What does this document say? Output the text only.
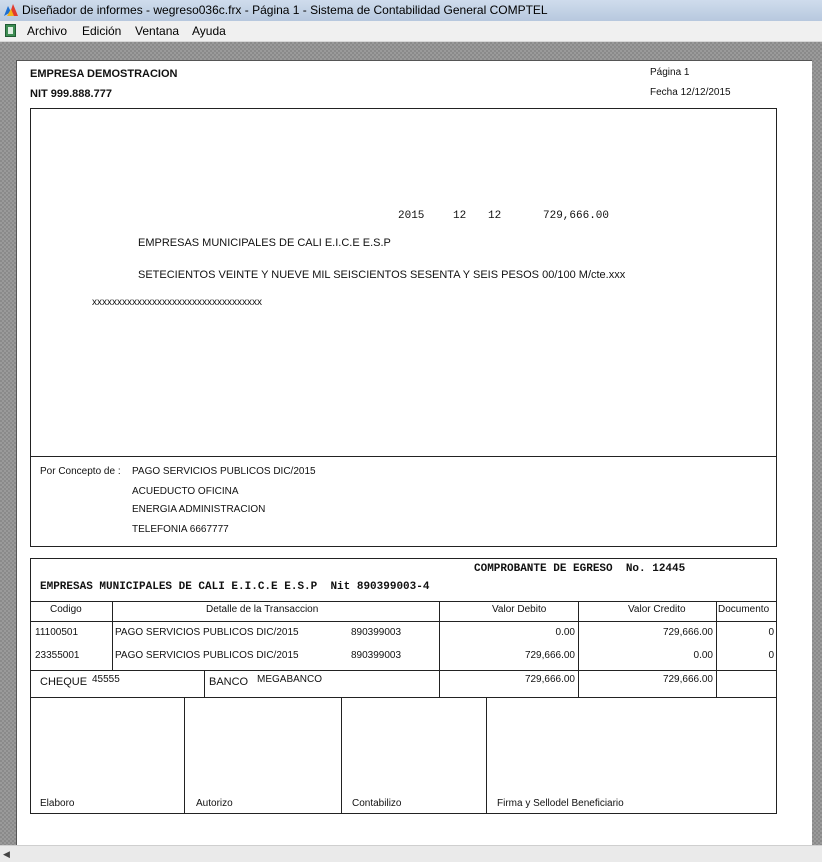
Diseñador de informes - wegreso036c.frx - Página 1 - Sistema de Contabilidad General COMPTEL
Archivo Edición Ventana Ayuda
EMPRESA DEMOSTRACION
NIT 999.888.777
Página 1
Fecha 12/12/2015
2015	12 12	729,666.00
EMPRESAS MUNICIPALES DE CALI E.I.C.E E.S.P
SETECIENTOS VEINTE Y NUEVE MIL SEISCIENTOS SESENTA Y SEIS PESOS 00/100 M/cte.xxx
xxxxxxxxxxxxxxxxxxxxxxxxxxxxxxxxxx
Por Concepto de : PAGO SERVICIOS PUBLICOS DIC/2015
ACUEDUCTO OFICINA
ENERGIA ADMINISTRACION
TELEFONIA 6667777
COMPROBANTE DE EGRESO  No. 12445
EMPRESAS MUNICIPALES DE CALI E.I.C.E E.S.P  Nit 890399003-4
Codigo	Detalle de la Transaccion	Valor Debito	Valor Credito	Documento
11100501	PAGO SERVICIOS PUBLICOS DIC/2015	890399003	0.00	729,666.00	0
23355001	PAGO SERVICIOS PUBLICOS DIC/2015	890399003	729,666.00	0.00	0
CHEQUE 45555	BANCO MEGABANCO	729,666.00	729,666.00
Elaboro	Autorizo	Contabilizo	Firma y Sellodel Beneficiario
◀
